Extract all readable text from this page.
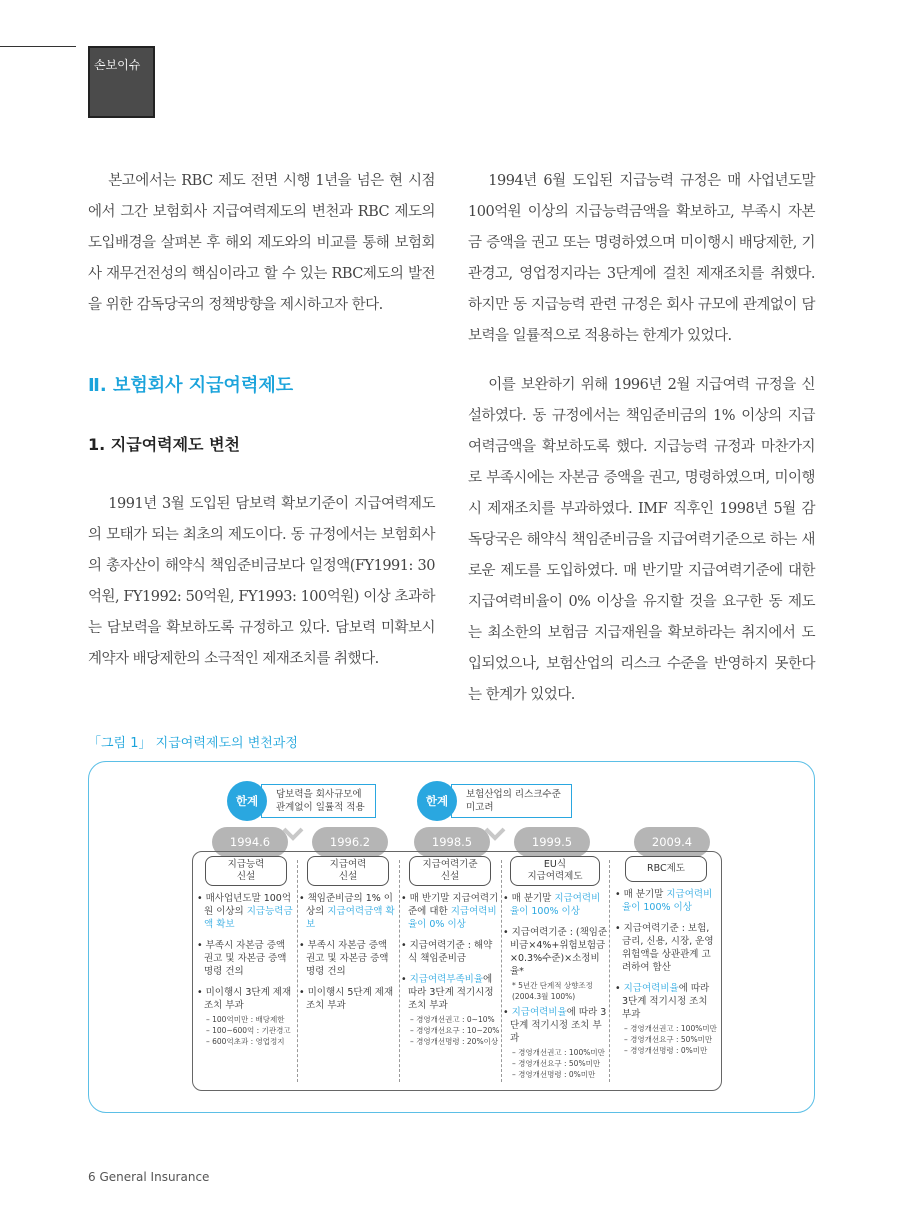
손보이슈

본고에서는 RBC 제도 전면 시행 1년을 넘은 현 시점에서 그간 보험회사 지급여력제도의 변천과 RBC 제도의 도입배경을 살펴본 후 해외 제도와의 비교를 통해 보험회사 재무건전성의 핵심이라고 할 수 있는 RBC제도의 발전을 위한 감독당국의 정책방향을 제시하고자 한다.

Ⅱ. 보험회사 지급여력제도
1. 지급여력제도 변천

1991년 3월 도입된 담보력 확보기준이 지급여력제도의 모태가 되는 최초의 제도이다. 동 규정에서는 보험회사의 총자산이 해약식 책임준비금보다 일정액(FY1991: 30억원, FY1992: 50억원, FY1993: 100억원) 이상 초과하는 담보력을 확보하도록 규정하고 있다. 담보력 미확보시 계약자 배당제한의 소극적인 제재조치를 취했다.

1994년 6월 도입된 지급능력 규정은 매 사업년도말 100억원 이상의 지급능력금액을 확보하고, 부족시 자본금 증액을 권고 또는 명령하였으며 미이행시 배당제한, 기관경고, 영업정지라는 3단계에 걸친 제재조치를 취했다. 하지만 동 지급능력 관련 규정은 회사 규모에 관계없이 담보력을 일률적으로 적용하는 한계가 있었다.

이를 보완하기 위해 1996년 2월 지급여력 규정을 신설하였다. 동 규정에서는 책임준비금의 1% 이상의 지급여력금액을 확보하도록 했다. 지급능력 규정과 마찬가지로 부족시에는 자본금 증액을 권고, 명령하였으며, 미이행시 제재조치를 부과하였다. IMF 직후인 1998년 5월 감독당국은 해약식 책임준비금을 지급여력기준으로 하는 새로운 제도를 도입하였다. 매 반기말 지급여력기준에 대한 지급여력비율이 0% 이상을 유지할 것을 요구한 동 제도는 최소한의 보험금 지급재원을 확보하라는 취지에서 도입되었으나, 보험산업의 리스크 수준을 반영하지 못한다는 한계가 있었다.

「그림 1」 지급여력제도의 변천과정
한계	담보력을 회사규모에
관계없이 일률적 적용	한계	보험산업의 리스크수준
미고려
1994.6	1996.2	1998.5	1999.5	2009.4
지급능력
신설
• 매사업년도말 100억원 이상의 지급능력금액 확보
• 부족시 자본금 증액 권고 및 자본금 증액 명령 건의
• 미이행시 3단계 제재조치 부과
– 100억미만 : 배당제한
– 100~600억 : 기관경고
– 600억초과 : 영업정지
지급여력
신설
• 책임준비금의 1% 이상의 지급여력금액 확보
• 부족시 자본금 증액 권고 및 자본금 증액 명령 건의
• 미이행시 5단계 제재조치 부과
지급여력기준
신설
• 매 반기말 지급여력기준에 대한 지급여력비율이 0% 이상
• 지급여력기준 : 해약식 책임준비금
• 지급여력부족비율에 따라 3단계 적기시정 조치 부과
– 경영개선권고 : 0~10%
– 경영개선요구 : 10~20%
– 경영개선명령 : 20%이상
EU식
지급여력제도
• 매 분기말 지급여력비율이 100% 이상
• 지급여력기준 : (책임준비금×4%+위험보험금×0.3%수준)×소정비율*
* 5년간 단계적 상향조정 (2004.3월 100%)
• 지급여력비율에 따라 3단계 적기시정 조치 부과
– 경영개선권고 : 100%미만
– 경영개선요구 : 50%미만
– 경영개선명령 : 0%미만
RBC제도
• 매 분기말 지급여력비율이 100% 이상
• 지급여력기준 : 보험, 금리, 신용, 시장, 운영위험액을 상관관계 고려하여 합산
• 지급여력비율에 따라 3단계 적기시정 조치 부과
– 경영개선권고 : 100%미만
– 경영개선요구 : 50%미만
– 경영개선명령 : 0%미만
6 General Insurance
